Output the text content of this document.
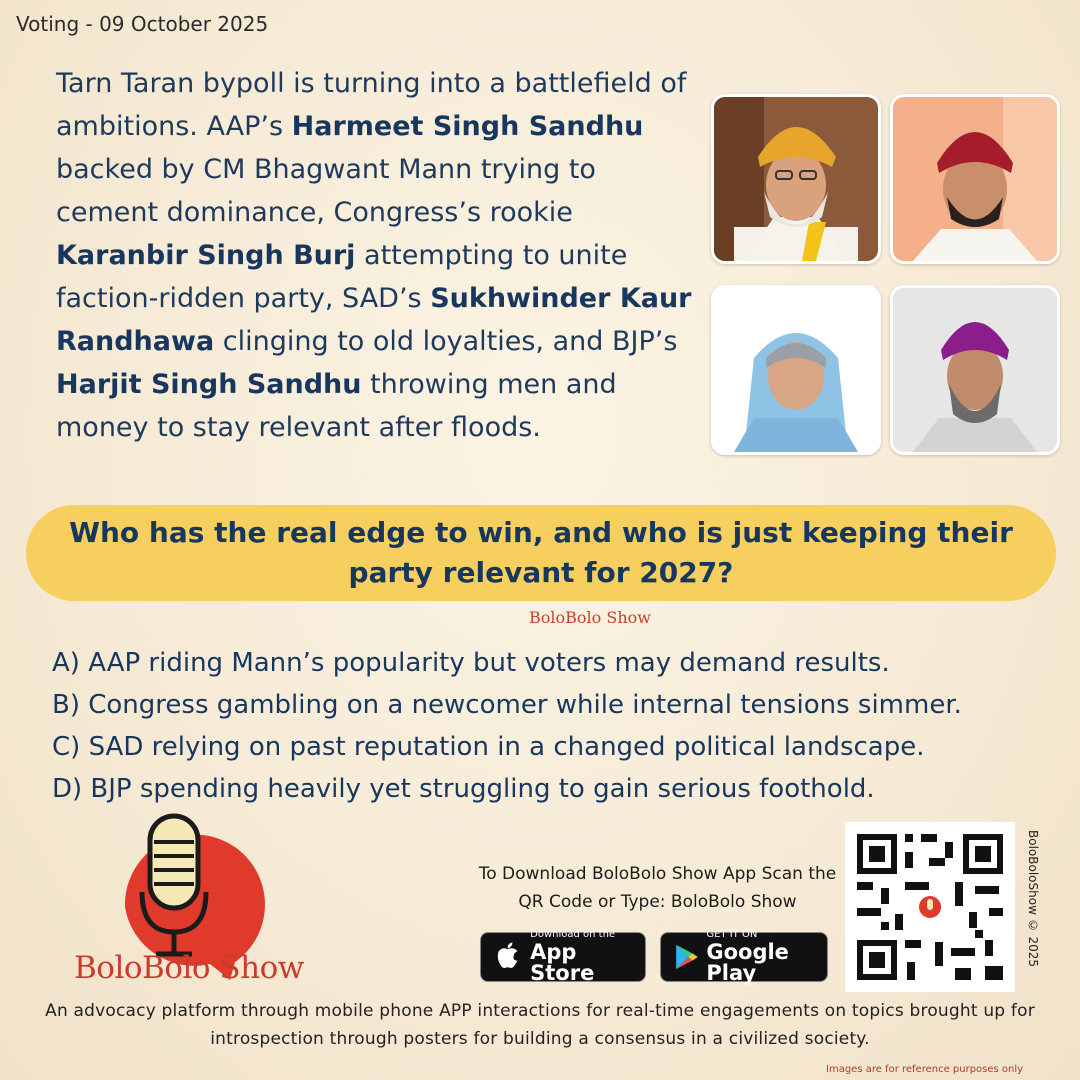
Voting - 09 October 2025
Tarn Taran bypoll is turning into a battlefield of ambitions. AAP’s Harmeet Singh Sandhu backed by CM Bhagwant Mann trying to cement dominance, Congress’s rookie Karanbir Singh Burj attempting to unite faction-ridden party, SAD’s Sukhwinder Kaur Randhawa clinging to old loyalties, and BJP’s Harjit Singh Sandhu throwing men and money to stay relevant after floods.
Who has the real edge to win, and who is just keeping their party relevant for 2027?
BoloBolo Show
A) AAP riding Mann’s popularity but voters may demand results.
B) Congress gambling on a newcomer while internal tensions simmer.
C) SAD relying on past reputation in a changed political landscape.
D) BJP spending heavily yet struggling to gain serious foothold.
BoloBolo Show
To Download BoloBolo Show App Scan the QR Code or Type: BoloBolo Show
Download on the
App Store
GET IT ON
Google Play
BoloBoloShow © 2025
An advocacy platform through mobile phone APP interactions for real-time engagements on topics brought up for introspection through posters for building a consensus in a civilized society.
Images are for reference purposes only
